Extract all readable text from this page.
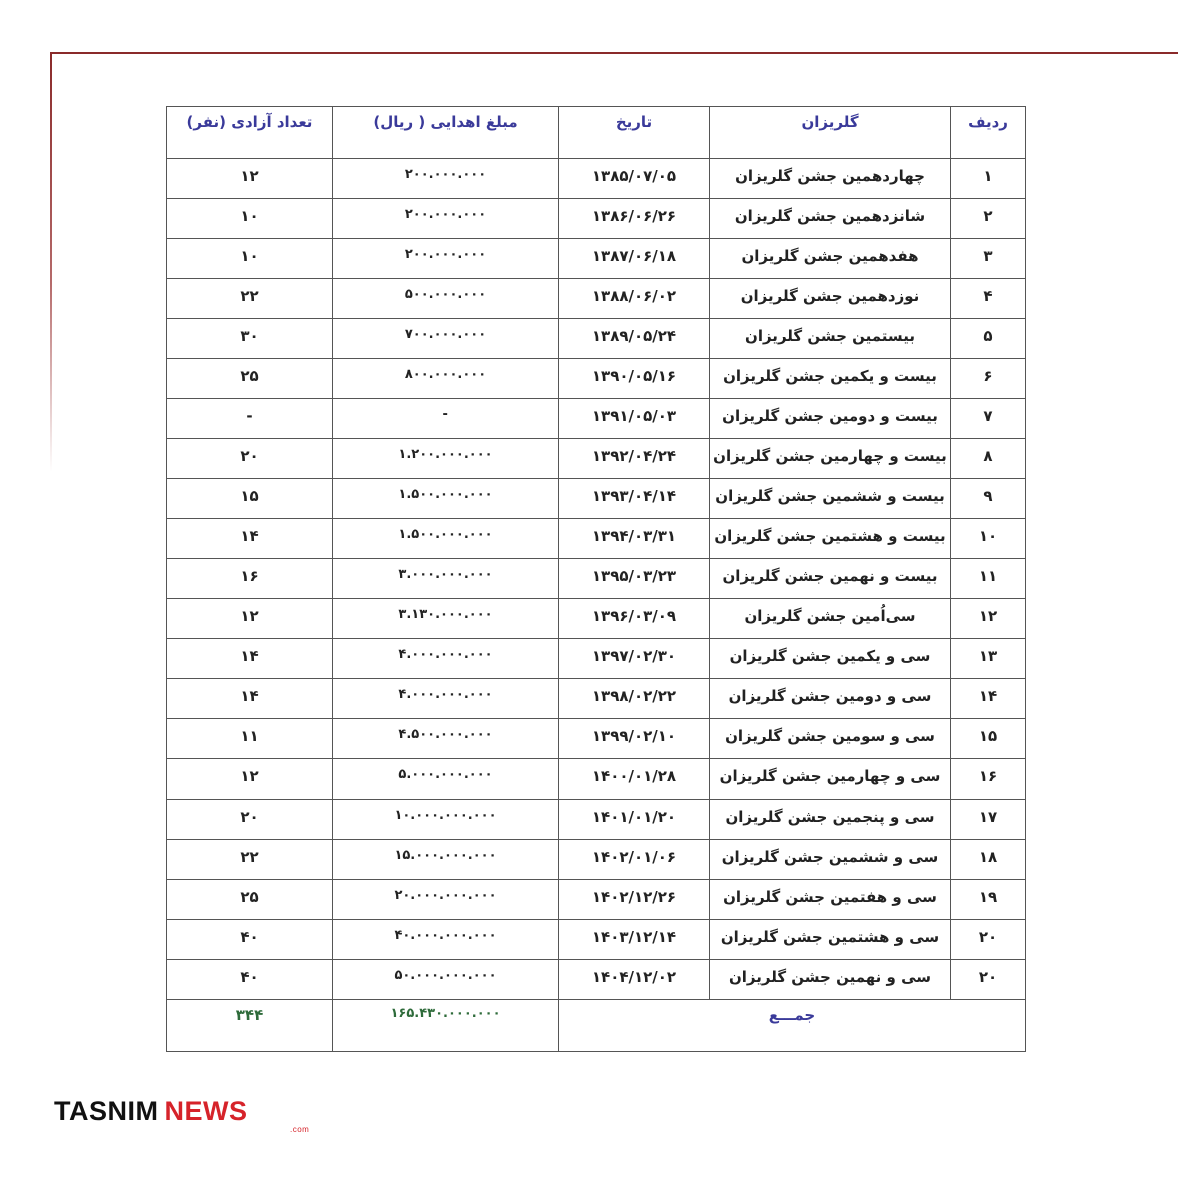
ردیف	گلریزان	تاریخ	مبلغ اهدایی ( ریال)	تعداد آزادی (نفر)
۱	چهاردهمین جشن گلریزان	۱۳۸۵/۰۷/۰۵	۲۰۰.۰۰۰.۰۰۰	۱۲
۲	شانزدهمین جشن گلریزان	۱۳۸۶/۰۶/۲۶	۲۰۰.۰۰۰.۰۰۰	۱۰
۳	هفدهمین جشن گلریزان	۱۳۸۷/۰۶/۱۸	۲۰۰.۰۰۰.۰۰۰	۱۰
۴	نوزدهمین جشن گلریزان	۱۳۸۸/۰۶/۰۲	۵۰۰.۰۰۰.۰۰۰	۲۲
۵	بیستمین جشن گلریزان	۱۳۸۹/۰۵/۲۴	۷۰۰.۰۰۰.۰۰۰	۳۰
۶	بیست و یکمین جشن گلریزان	۱۳۹۰/۰۵/۱۶	۸۰۰.۰۰۰.۰۰۰	۲۵
۷	بیست و دومین جشن گلریزان	۱۳۹۱/۰۵/۰۳	-	-
۸	بیست و چهارمین جشن گلریزان	۱۳۹۲/۰۴/۲۴	۱.۲۰۰.۰۰۰.۰۰۰	۲۰
۹	بیست و ششمین جشن گلریزان	۱۳۹۳/۰۴/۱۴	۱.۵۰۰.۰۰۰.۰۰۰	۱۵
۱۰	بیست و هشتمین جشن گلریزان	۱۳۹۴/۰۳/۳۱	۱.۵۰۰.۰۰۰.۰۰۰	۱۴
۱۱	بیست و نهمین جشن گلریزان	۱۳۹۵/۰۳/۲۳	۳.۰۰۰.۰۰۰.۰۰۰	۱۶
۱۲	سی‌اُمین جشن گلریزان	۱۳۹۶/۰۳/۰۹	۳.۱۳۰.۰۰۰.۰۰۰	۱۲
۱۳	سی و یکمین جشن گلریزان	۱۳۹۷/۰۲/۳۰	۴.۰۰۰.۰۰۰.۰۰۰	۱۴
۱۴	سی و دومین جشن گلریزان	۱۳۹۸/۰۲/۲۲	۴.۰۰۰.۰۰۰.۰۰۰	۱۴
۱۵	سی و سومین جشن گلریزان	۱۳۹۹/۰۲/۱۰	۴.۵۰۰.۰۰۰.۰۰۰	۱۱
۱۶	سی و چهارمین جشن گلریزان	۱۴۰۰/۰۱/۲۸	۵.۰۰۰.۰۰۰.۰۰۰	۱۲
۱۷	سی و پنجمین جشن گلریزان	۱۴۰۱/۰۱/۲۰	۱۰.۰۰۰.۰۰۰.۰۰۰	۲۰
۱۸	سی و ششمین جشن گلریزان	۱۴۰۲/۰۱/۰۶	۱۵.۰۰۰.۰۰۰.۰۰۰	۲۲
۱۹	سی و هفتمین جشن گلریزان	۱۴۰۲/۱۲/۲۶	۲۰.۰۰۰.۰۰۰.۰۰۰	۲۵
۲۰	سی و هشتمین جشن گلریزان	۱۴۰۳/۱۲/۱۴	۴۰.۰۰۰.۰۰۰.۰۰۰	۴۰
۲۰	سی و نهمین جشن گلریزان	۱۴۰۴/۱۲/۰۲	۵۰.۰۰۰.۰۰۰.۰۰۰	۴۰
جمـــع			۱۶۵.۴۳۰.۰۰۰.۰۰۰	۳۴۴
TASNIM NEWS
.com
